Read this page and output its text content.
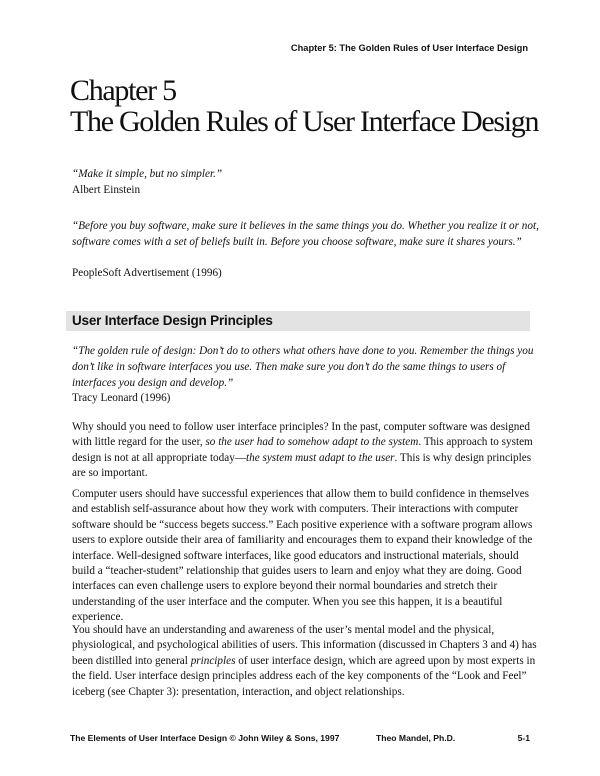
Chapter 5: The Golden Rules of User Interface Design
Chapter 5
The Golden Rules of User Interface Design

“Make it simple, but no simpler.”

Albert Einstein

“Before you buy software, make sure it believes in the same things you do. Whether you realize it or not, software comes with a set of beliefs built in. Before you choose software, make sure it shares yours.”

PeopleSoft Advertisement (1996)

User Interface Design Principles

“The golden rule of design: Don’t do to others what others have done to you. Remember the things you don’t like in software interfaces you use. Then make sure you don’t do the same things to users of interfaces you design and develop.”

Tracy Leonard (1996)

Why should you need to follow user interface principles? In the past, computer software was designed with little regard for the user, so the user had to somehow adapt to the system. This approach to system design is not at all appropriate today—the system must adapt to the user. This is why design principles are so important.

Computer users should have successful experiences that allow them to build confidence in themselves and establish self-assurance about how they work with computers. Their interactions with computer software should be “success begets success.” Each positive experience with a software program allows users to explore outside their area of familiarity and encourages them to expand their knowledge of the interface. Well-designed software interfaces, like good educators and instructional materials, should build a “teacher-student” relationship that guides users to learn and enjoy what they are doing. Good interfaces can even challenge users to explore beyond their normal boundaries and stretch their understanding of the user interface and the computer. When you see this happen, it is a beautiful experience.

You should have an understanding and awareness of the user’s mental model and the physical, physiological, and psychological abilities of users. This information (discussed in Chapters 3 and 4) has been distilled into general principles of user interface design, which are agreed upon by most experts in the field. User interface design principles address each of the key components of the “Look and Feel” iceberg (see Chapter 3): presentation, interaction, and object relationships.

The Elements of User Interface Design © John Wiley & Sons, 1997	Theo Mandel, Ph.D.	5-1
